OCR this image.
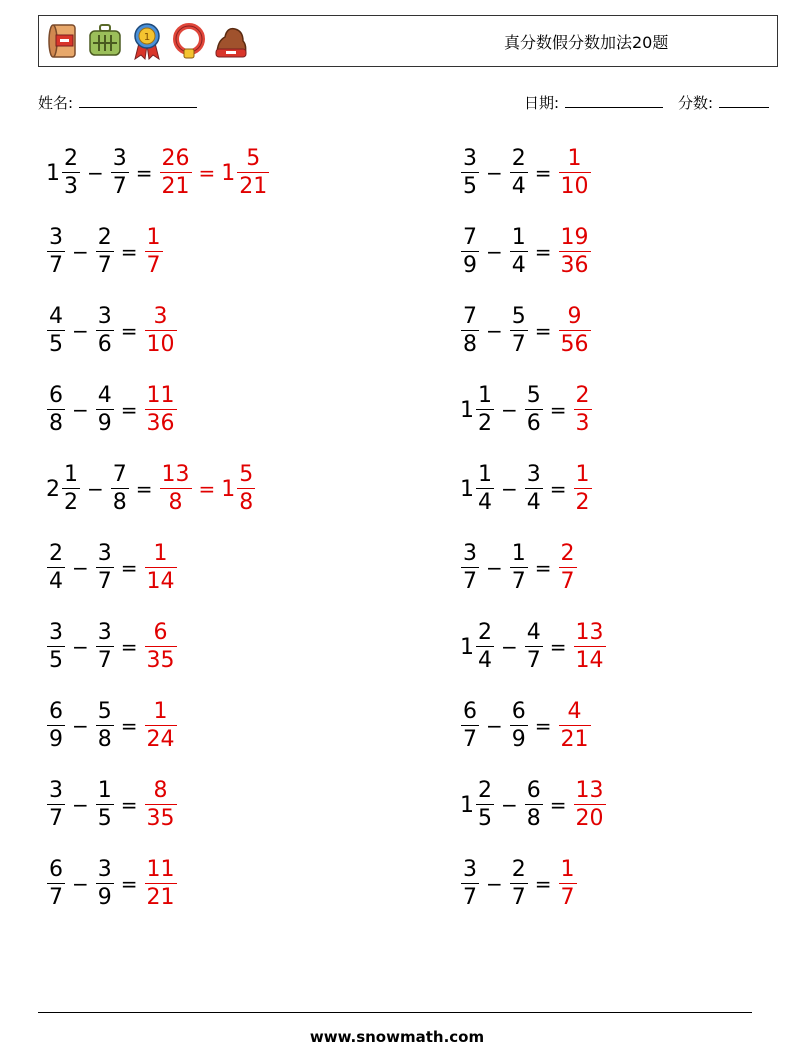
1	真分数假分数加法20题
姓名:	日期:	分数:
$1 \frac{2}{3} - \frac{3}{7} = \frac{26}{21} = 1 \frac{5}{21}$
$\frac{3}{7} - \frac{2}{7} = \frac{1}{7}$
$\frac{4}{5} - \frac{3}{6} = \frac{3}{10}$
$\frac{6}{8} - \frac{4}{9} = \frac{11}{36}$
$2 \frac{1}{2} - \frac{7}{8} = \frac{13}{8} = 1 \frac{5}{8}$
$\frac{2}{4} - \frac{3}{7} = \frac{1}{14}$
$\frac{3}{5} - \frac{3}{7} = \frac{6}{35}$
$\frac{6}{9} - \frac{5}{8} = \frac{1}{24}$
$\frac{3}{7} - \frac{1}{5} = \frac{8}{35}$
$\frac{6}{7} - \frac{3}{9} = \frac{11}{21}$
$\frac{3}{5} - \frac{2}{4} = \frac{1}{10}$
$\frac{7}{9} - \frac{1}{4} = \frac{19}{36}$
$\frac{7}{8} - \frac{5}{7} = \frac{9}{56}$
$1 \frac{1}{2} - \frac{5}{6} = \frac{2}{3}$
$1 \frac{1}{4} - \frac{3}{4} = \frac{1}{2}$
$\frac{3}{7} - \frac{1}{7} = \frac{2}{7}$
$1 \frac{2}{4} - \frac{4}{7} = \frac{13}{14}$
$\frac{6}{7} - \frac{6}{9} = \frac{4}{21}$
$1 \frac{2}{5} - \frac{6}{8} = \frac{13}{20}$
$\frac{3}{7} - \frac{2}{7} = \frac{1}{7}$
www.snowmath.com
